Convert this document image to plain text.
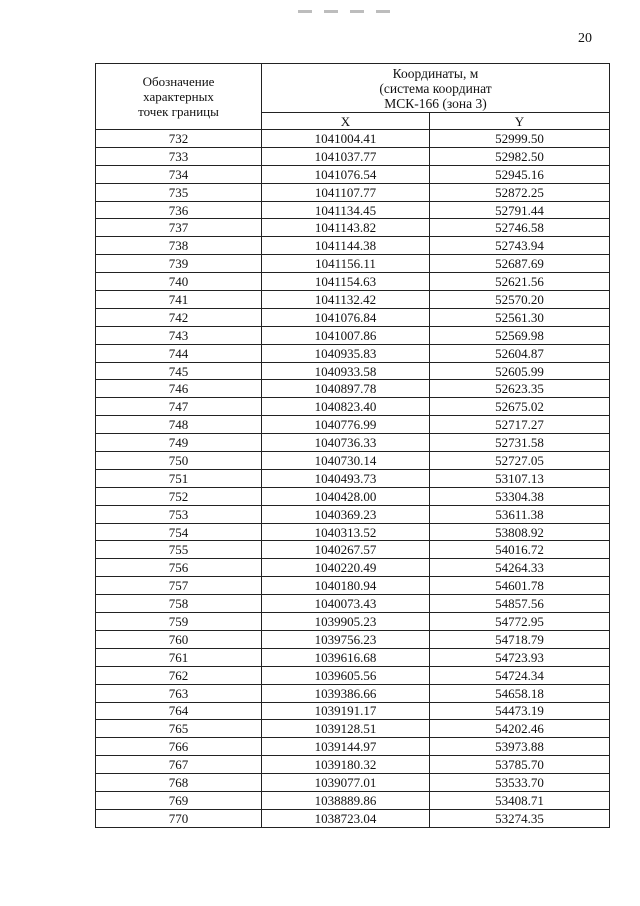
20
Обозначение
характерных
точек границы	Координаты, м
(система координат
МСК-166 (зона 3)	

	X	Y
732	1041004.41	52999.50
733	1041037.77	52982.50
734	1041076.54	52945.16
735	1041107.77	52872.25
736	1041134.45	52791.44
737	1041143.82	52746.58
738	1041144.38	52743.94
739	1041156.11	52687.69
740	1041154.63	52621.56
741	1041132.42	52570.20
742	1041076.84	52561.30
743	1041007.86	52569.98
744	1040935.83	52604.87
745	1040933.58	52605.99
746	1040897.78	52623.35
747	1040823.40	52675.02
748	1040776.99	52717.27
749	1040736.33	52731.58
750	1040730.14	52727.05
751	1040493.73	53107.13
752	1040428.00	53304.38
753	1040369.23	53611.38
754	1040313.52	53808.92
755	1040267.57	54016.72
756	1040220.49	54264.33
757	1040180.94	54601.78
758	1040073.43	54857.56
759	1039905.23	54772.95
760	1039756.23	54718.79
761	1039616.68	54723.93
762	1039605.56	54724.34
763	1039386.66	54658.18
764	1039191.17	54473.19
765	1039128.51	54202.46
766	1039144.97	53973.88
767	1039180.32	53785.70
768	1039077.01	53533.70
769	1038889.86	53408.71
770	1038723.04	53274.35
